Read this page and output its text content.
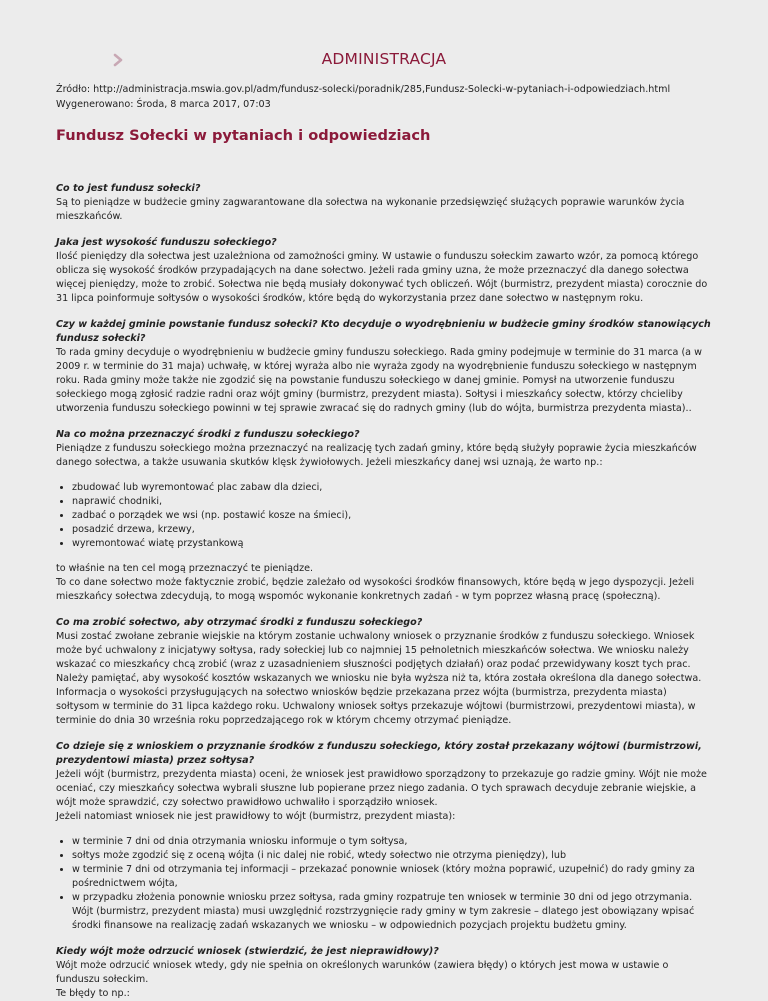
ADMINISTRACJA
Źródło: http://administracja.mswia.gov.pl/adm/fundusz-solecki/poradnik/285,Fundusz-Solecki-w-pytaniach-i-odpowiedziach.html
Wygenerowano: Środa, 8 marca 2017, 07:03
Fundusz Sołecki w pytaniach i odpowiedziach
Co to jest fundusz sołecki?
Są to pieniądze w budżecie gminy zagwarantowane dla sołectwa na wykonanie przedsięwzięć służących poprawie warunków życia mieszkańców.
Jaka jest wysokość funduszu sołeckiego?
Ilość pieniędzy dla sołectwa jest uzależniona od zamożności gminy. W ustawie o funduszu sołeckim zawarto wzór, za pomocą którego oblicza się wysokość środków przypadających na dane sołectwo. Jeżeli rada gminy uzna, że może przeznaczyć dla danego sołectwa więcej pieniędzy, może to zrobić. Sołectwa nie będą musiały dokonywać tych obliczeń. Wójt (burmistrz, prezydent miasta) corocznie do 31 lipca poinformuje sołtysów o wysokości środków, które będą do wykorzystania przez dane sołectwo w następnym roku.
Czy w każdej gminie powstanie fundusz sołecki? Kto decyduje o wyodrębnieniu w budżecie gminy środków stanowiących fundusz sołecki?
To rada gminy decyduje o wyodrębnieniu w budżecie gminy funduszu sołeckiego. Rada gminy podejmuje w terminie do 31 marca (a w 2009 r. w terminie do 31 maja) uchwałę, w której wyraża albo nie wyraża zgody na wyodrębnienie funduszu sołeckiego w następnym roku. Rada gminy może także nie zgodzić się na powstanie funduszu sołeckiego w danej gminie. Pomysł na utworzenie funduszu sołeckiego mogą zgłosić radzie radni oraz wójt gminy (burmistrz, prezydent miasta). Sołtysi i mieszkańcy sołectw, którzy chcieliby utworzenia funduszu sołeckiego powinni w tej sprawie zwracać się do radnych gminy (lub do wójta, burmistrza prezydenta miasta)..
Na co można przeznaczyć środki z funduszu sołeckiego?
Pieniądze z funduszu sołeckiego można przeznaczyć na realizację tych zadań gminy, które będą służyły poprawie życia mieszkańców danego sołectwa, a także usuwania skutków klęsk żywiołowych. Jeżeli mieszkańcy danej wsi uznają, że warto np.:
• zbudować lub wyremontować plac zabaw dla dzieci,
• naprawić chodniki,
• zadbać o porządek we wsi (np. postawić kosze na śmieci),
• posadzić drzewa, krzewy,
• wyremontować wiatę przystankową
to właśnie na ten cel mogą przeznaczyć te pieniądze.
To co dane sołectwo może faktycznie zrobić, będzie zależało od wysokości środków finansowych, które będą w jego dyspozycji. Jeżeli mieszkańcy sołectwa zdecydują, to mogą wspomóc wykonanie konkretnych zadań - w tym poprzez własną pracę (społeczną).
Co ma zrobić sołectwo, aby otrzymać środki z funduszu sołeckiego?
Musi zostać zwołane zebranie wiejskie na którym zostanie uchwalony wniosek o przyznanie środków z funduszu sołeckiego. Wniosek może być uchwalony z inicjatywy sołtysa, rady sołeckiej lub co najmniej 15 pełnoletnich mieszkańców sołectwa. We wniosku należy wskazać co mieszkańcy chcą zrobić (wraz z uzasadnieniem słuszności podjętych działań) oraz podać przewidywany koszt tych prac. Należy pamiętać, aby wysokość kosztów wskazanych we wniosku nie była wyższa niż ta, która została określona dla danego sołectwa. Informacja o wysokości przysługujących na sołectwo wniosków będzie przekazana przez wójta (burmistrza, prezydenta miasta) sołtysom w terminie do 31 lipca każdego roku. Uchwalony wniosek sołtys przekazuje wójtowi (burmistrzowi, prezydentowi miasta), w terminie do dnia 30 września roku poprzedzającego rok w którym chcemy otrzymać pieniądze.
Co dzieje się z wnioskiem o przyznanie środków z funduszu sołeckiego, który został przekazany wójtowi (burmistrzowi, prezydentowi miasta) przez sołtysa?
Jeżeli wójt (burmistrz, prezydenta miasta) oceni, że wniosek jest prawidłowo sporządzony to przekazuje go radzie gminy. Wójt nie może oceniać, czy mieszkańcy sołectwa wybrali słuszne lub popierane przez niego zadania. O tych sprawach decyduje zebranie wiejskie, a wójt może sprawdzić, czy sołectwo prawidłowo uchwaliło i sporządziło wniosek.
Jeżeli natomiast wniosek nie jest prawidłowy to wójt (burmistrz, prezydent miasta):
• w terminie 7 dni od dnia otrzymania wniosku informuje o tym sołtysa,
• sołtys może zgodzić się z oceną wójta (i nic dalej nie robić, wtedy sołectwo nie otrzyma pieniędzy), lub
• w terminie 7 dni od otrzymania tej informacji – przekazać ponownie wniosek (który można poprawić, uzupełnić) do rady gminy za pośrednictwem wójta,
• w przypadku złożenia ponownie wniosku przez sołtysa, rada gminy rozpatruje ten wniosek w terminie 30 dni od jego otrzymania. Wójt (burmistrz, prezydent miasta) musi uwzględnić rozstrzygnięcie rady gminy w tym zakresie – dlatego jest obowiązany wpisać środki finansowe na realizację zadań wskazanych we wniosku – w odpowiednich pozycjach projektu budżetu gminy.
Kiedy wójt może odrzucić wniosek (stwierdzić, że jest nieprawidłowy)?
Wójt może odrzucić wniosek wtedy, gdy nie spełnia on określonych warunków (zawiera błędy) o których jest mowa w ustawie o funduszu sołeckim.
Te błędy to np.:
